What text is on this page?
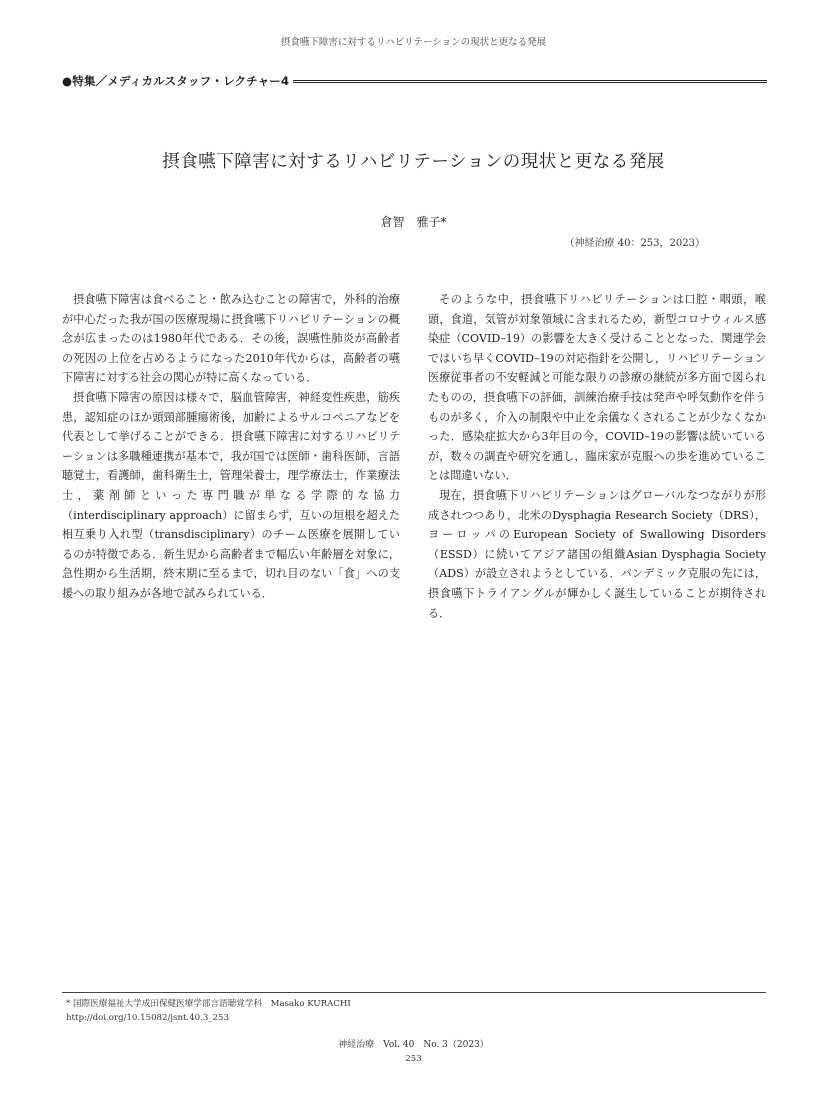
摂食嚥下障害に対するリハビリテーションの現状と更なる発展
●特集／メディカルスタッフ・レクチャー4
摂食嚥下障害に対するリハビリテーションの現状と更なる発展
倉智　雅子*
（神経治療 40：253，2023）

摂食嚥下障害は食べること・飲み込むことの障害で，外科的治療が中心だった我が国の医療現場に摂食嚥下リハビリテーションの概念が広まったのは1980年代である．その後，誤嚥性肺炎が高齢者の死因の上位を占めるようになった2010年代からは，高齢者の嚥下障害に対する社会の関心が特に高くなっている．

摂食嚥下障害の原因は様々で，脳血管障害，神経変性疾患，筋疾患，認知症のほか頭頸部腫瘍術後，加齢によるサルコペニアなどを代表として挙げることができる．摂食嚥下障害に対するリハビリテーションは多職種連携が基本で，我が国では医師・歯科医師，言語聴覚士，看護師，歯科衛生士，管理栄養士，理学療法士，作業療法士，薬剤師といった専門職が単なる学際的な協力（interdisciplinary approach）に留まらず，互いの垣根を超えた相互乗り入れ型（transdisciplinary）のチーム医療を展開しているのが特徴である．新生児から高齢者まで幅広い年齢層を対象に，急性期から生活期，終末期に至るまで，切れ目のない「食」への支援への取り組みが各地で試みられている．

そのような中，摂食嚥下リハビリテーションは口腔・咽頭，喉頭，食道，気管が対象領域に含まれるため，新型コロナウィルス感染症（COVID–19）の影響を大きく受けることとなった．関連学会ではいち早くCOVID–19の対応指針を公開し，リハビリテーション医療従事者の不安軽減と可能な限りの診療の継続が多方面で図られたものの，摂食嚥下の評価，訓練治療手技は発声や呼気動作を伴うものが多く，介入の制限や中止を余儀なくされることが少なくなかった．感染症拡大から3年目の今，COVID–19の影響は続いているが，数々の調査や研究を通し，臨床家が克服への歩を進めていることは間違いない．

現在，摂食嚥下リハビリテーションはグローバルなつながりが形成されつつあり，北米のDysphagia Research Society（DRS），ヨーロッパのEuropean Society of Swallowing Disorders（ESSD）に続いてアジア諸国の組織Asian Dysphagia Society（ADS）が設立されようとしている．パンデミック克服の先には，摂食嚥下トライアングルが輝かしく誕生していることが期待される．

* 国際医療福祉大学成田保健医療学部言語聴覚学科　Masako KURACHI
http://doi.org/10.15082/jsnt.40.3_253
神経治療　Vol. 40　No. 3（2023）
253
